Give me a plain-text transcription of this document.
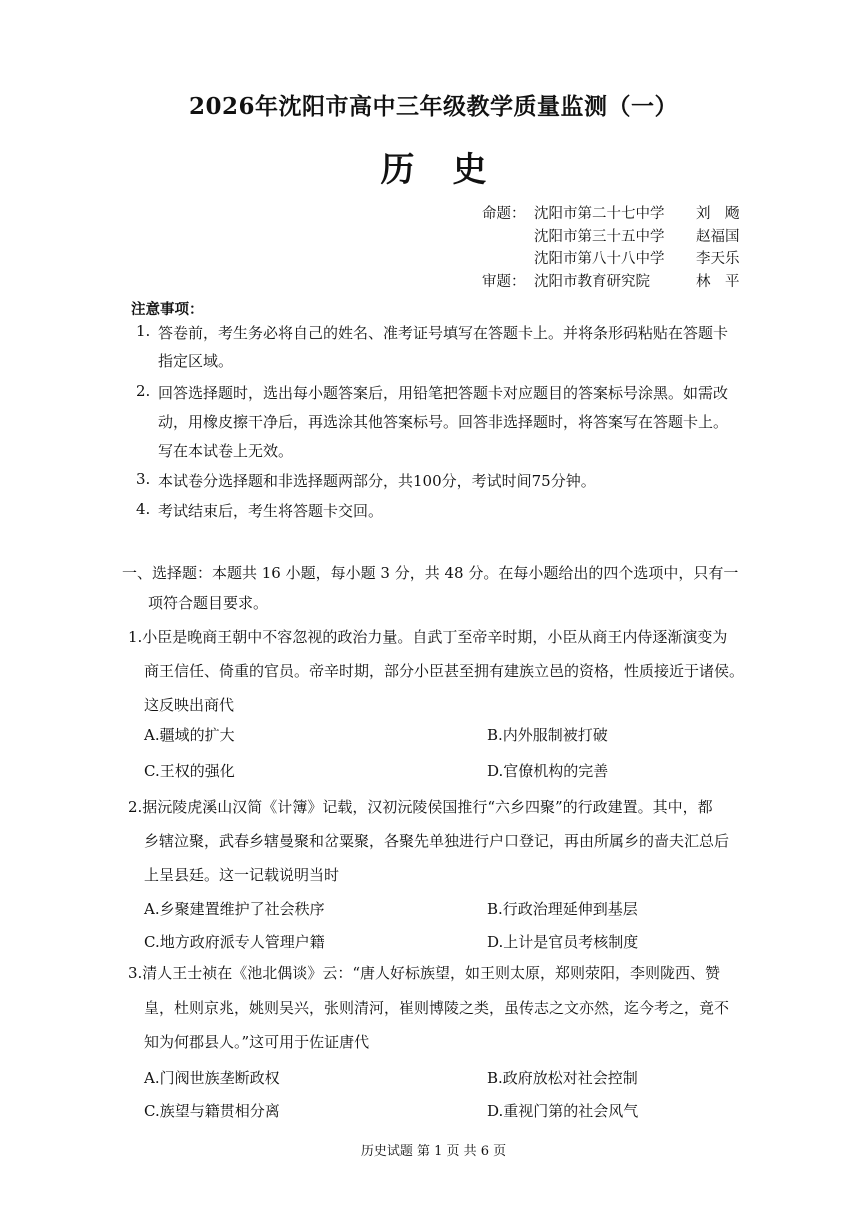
2026年沈阳市高中三年级教学质量监测（一）
历史
命题： 沈阳市第二十七中学 刘　飏
沈阳市第三十五中学 赵福国
沈阳市第八十八中学 李天乐
审题： 沈阳市教育研究院	林　平
注意事项：
1. 答卷前，考生务必将自己的姓名、准考证号填写在答题卡上。并将条形码粘贴在答题卡
指定区域。
2. 回答选择题时，选出每小题答案后，用铅笔把答题卡对应题目的答案标号涂黑。如需改
动，用橡皮擦干净后，再选涂其他答案标号。回答非选择题时，将答案写在答题卡上。
写在本试卷上无效。
3. 本试卷分选择题和非选择题两部分，共100分，考试时间75分钟。
4. 考试结束后，考生将答题卡交回。
一、选择题：本题共 16 小题，每小题 3 分，共 48 分。在每小题给出的四个选项中，只有一
项符合题目要求。
1.小臣是晚商王朝中不容忽视的政治力量。自武丁至帝辛时期，小臣从商王内侍逐渐演变为
商王信任、倚重的官员。帝辛时期，部分小臣甚至拥有建族立邑的资格，性质接近于诸侯。
这反映出商代
A.疆域的扩大	B.内外服制被打破
C.王权的强化	D.官僚机构的完善
2.据沅陵虎溪山汉简《计簿》记载，汉初沅陵侯国推行“六乡四聚”的行政建置。其中，都
乡辖泣聚，武春乡辖曼聚和岔粟聚，各聚先单独进行户口登记，再由所属乡的啬夫汇总后
上呈县廷。这一记载说明当时
A.乡聚建置维护了社会秩序	B.行政治理延伸到基层
C.地方政府派专人管理户籍	D.上计是官员考核制度
3.清人王士祯在《池北偶谈》云：“唐人好标族望，如王则太原，郑则荥阳，李则陇西、赞
皇，杜则京兆，姚则吴兴，张则清河，崔则博陵之类，虽传志之文亦然，迄今考之，竟不
知为何郡县人。”这可用于佐证唐代
A.门阀世族垄断政权	B.政府放松对社会控制
C.族望与籍贯相分离	D.重视门第的社会风气
历史试题 第 1 页 共 6 页
